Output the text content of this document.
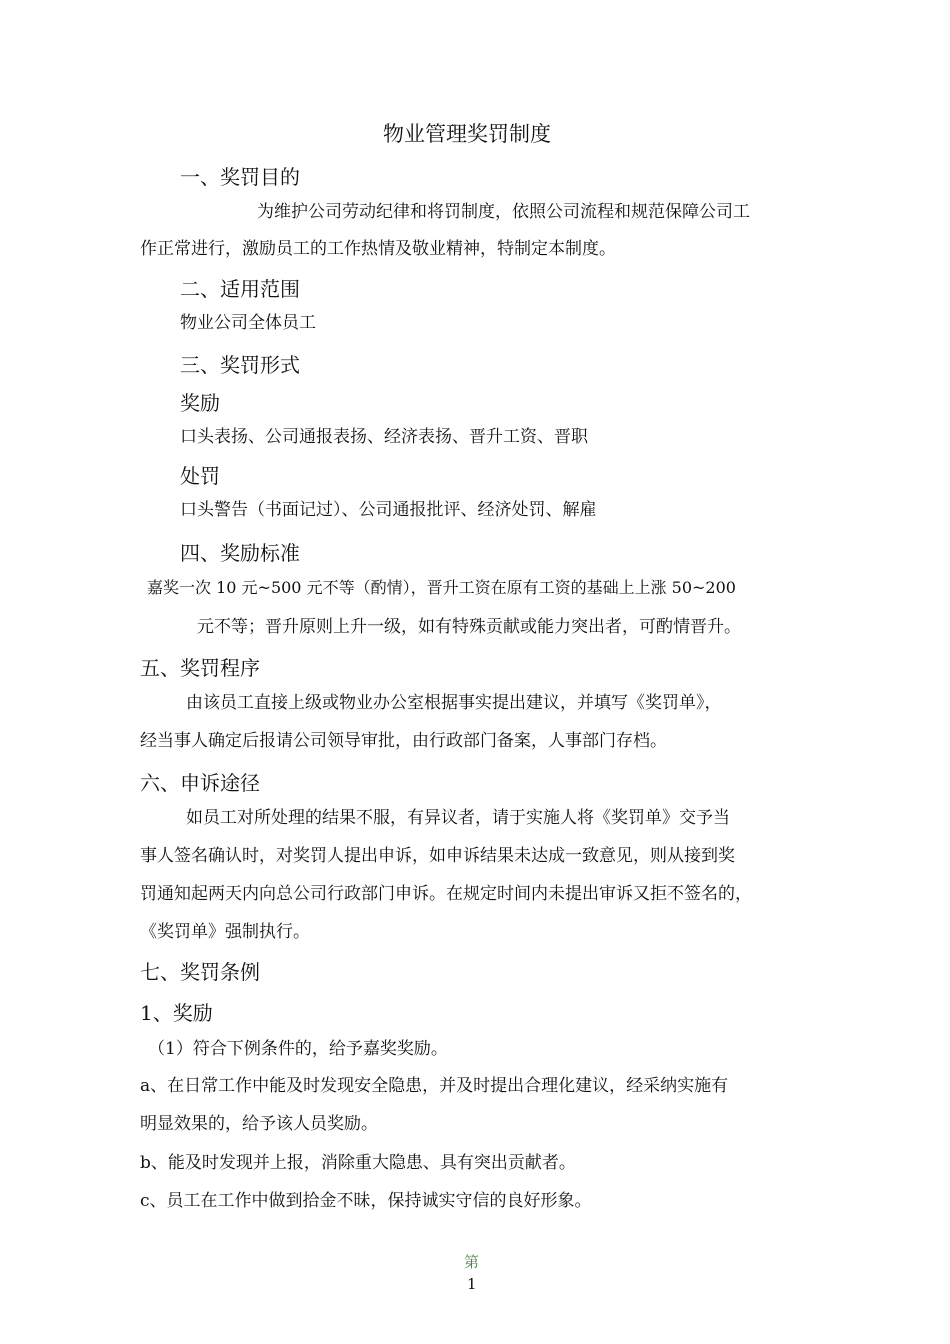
物业管理奖罚制度
一、奖罚目的
为维护公司劳动纪律和将罚制度，依照公司流程和规范保障公司工
作正常进行，激励员工的工作热情及敬业精神，特制定本制度。
二、适用范围
物业公司全体员工
三、奖罚形式
奖励
口头表扬、公司通报表扬、经济表扬、晋升工资、晋职
处罚
口头警告（书面记过）、公司通报批评、经济处罚、解雇
四、奖励标准
嘉奖一次 10 元~500 元不等（酌情），晋升工资在原有工资的基础上上涨 50~200
元不等；晋升原则上升一级，如有特殊贡献或能力突出者，可酌情晋升。
五、奖罚程序
由该员工直接上级或物业办公室根据事实提出建议，并填写《奖罚单》，
经当事人确定后报请公司领导审批，由行政部门备案，人事部门存档。
六、申诉途径
如员工对所处理的结果不服，有异议者，请于实施人将《奖罚单》交予当
事人签名确认时，对奖罚人提出申诉，如申诉结果未达成一致意见，则从接到奖
罚通知起两天内向总公司行政部门申诉。在规定时间内未提出审诉又拒不签名的，
《奖罚单》强制执行。
七、奖罚条例
1、奖励
（1）符合下例条件的，给予嘉奖奖励。
a、在日常工作中能及时发现安全隐患，并及时提出合理化建议，经采纳实施有
明显效果的，给予该人员奖励。
b、能及时发现并上报，消除重大隐患、具有突出贡献者。
c、员工在工作中做到拾金不昧，保持诚实守信的良好形象。
第
1
